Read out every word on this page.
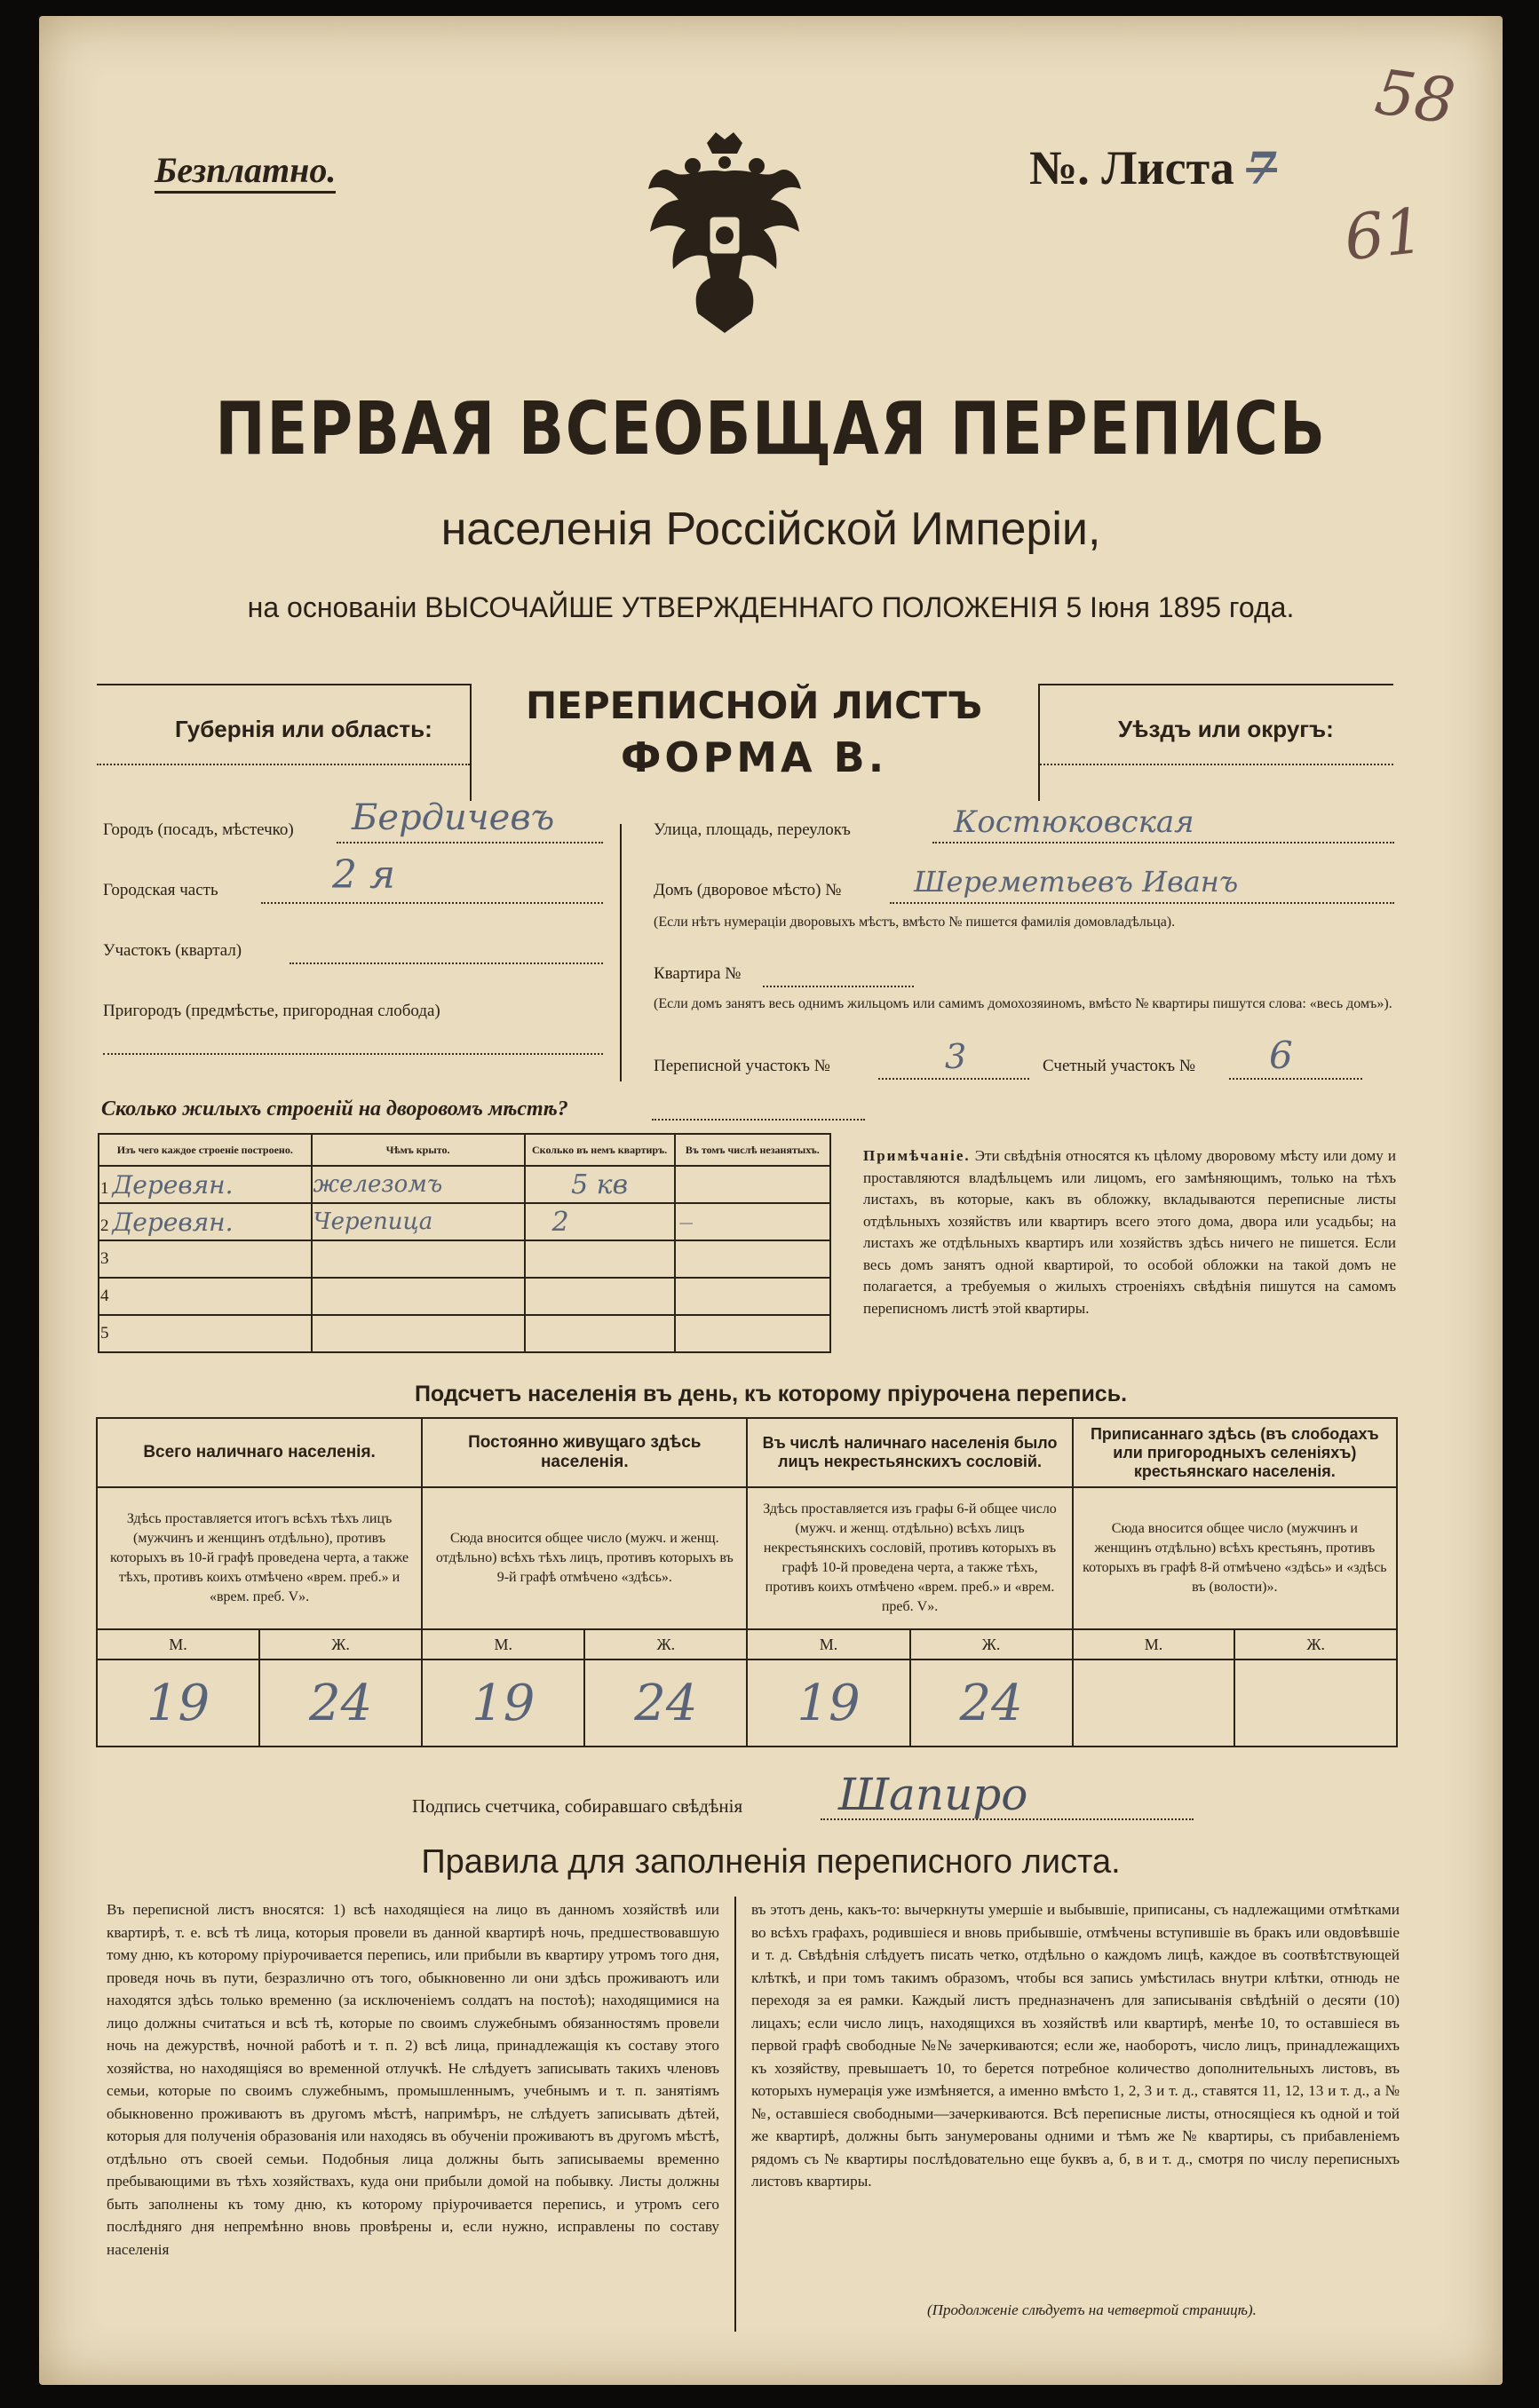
58
61
Безплатно.	№. Листа 7
ПЕРВАЯ ВСЕОБЩАЯ ПЕРЕПИСЬ
населенія Россійской Имперіи,
на основаніи ВЫСОЧАЙШЕ УТВЕРЖДЕННАГО ПОЛОЖЕНІЯ 5 Іюня 1895 года.
Губернія или область:
ПЕРЕПИСНОЙ ЛИСТЪ
ФОРМА В.
Уѣздъ или округъ:
Городъ (посадъ, мѣстечко) Бердичевъ
Городская часть	2 я
Участокъ (квартал)
Пригородъ (предмѣстье, пригородная слобода)
Улица, площадь, переулокъ	Костюковская
Домъ (дворовое мѣсто) №	Шереметьевъ Иванъ
(Если нѣтъ нумераціи дворовыхъ мѣстъ, вмѣсто № пишется фамилія домовладѣльца).
Квартира №
(Если домъ занятъ весь однимъ жильцомъ или самимъ домохозяиномъ, вмѣсто № квартиры пишутся слова: «весь домъ»).
Переписной участокъ №	3	Счетный участокъ № 6
Сколько жилыхъ строеній на дворовомъ мѣстѣ?
Изъ чего каждое строеніе построено.	Чѣмъ крыто.	Сколько въ немъ квартиръ.	Въ томъ числѣ незанятыхъ.
1 Деревян.	железомъ	5 кв	
2 Деревян.	Черепица	2	—
3			
4			
5			
Примѣчаніе. Эти свѣдѣнія относятся къ цѣлому дворовому мѣсту или дому и проставляются владѣльцемъ или лицомъ, его замѣняющимъ, только на тѣхъ листахъ, въ которые, какъ въ обложку, вкладываются переписные листы отдѣльныхъ хозяйствъ или квартиръ всего этого дома, двора или усадьбы; на листахъ же отдѣльныхъ квартиръ или хозяйствъ здѣсь ничего не пишется. Если весь домъ занятъ одной квартирой, то особой обложки на такой домъ не полагается, а требуемыя о жилыхъ строеніяхъ свѣдѣнія пишутся на самомъ переписномъ листѣ этой квартиры.
Подсчетъ населенія въ день, къ которому пріурочена перепись.
Всего наличнаго населенія.		Постоянно живущаго здѣсь населенія.		Въ числѣ наличнаго населенія было лицъ некрестьянскихъ сословій.		Приписаннаго здѣсь (въ слободахъ или пригородныхъ селеніяхъ) крестьянскаго населенія.	
Здѣсь проставляется итогъ всѣхъ тѣхъ лицъ (мужчинъ и женщинъ отдѣльно), противъ которыхъ въ 10-й графѣ проведена черта, а также тѣхъ, противъ коихъ отмѣчено «врем. преб.» и «врем. преб. V».		Сюда вносится общее число (мужч. и женщ. отдѣльно) всѣхъ тѣхъ лицъ, противъ которыхъ въ 9-й графѣ отмѣчено «здѣсь».		Здѣсь проставляется изъ графы 6-й общее число (мужч. и женщ. отдѣльно) всѣхъ лицъ некрестьянскихъ сословій, противъ которыхъ въ графѣ 10-й проведена черта, а также тѣхъ, противъ коихъ отмѣчено «врем. преб.» и «врем. преб. V».		Сюда вносится общее число (мужчинъ и женщинъ отдѣльно) всѣхъ крестьянъ, противъ которыхъ въ графѣ 8-й отмѣчено «здѣсь» и «здѣсь въ (волости)».	
М.	Ж.	М.	Ж.	М.	Ж.	М.	Ж.
19	24	19	24	19	24		
Подпись счетчика, собиравшаго свѣдѣнія Шапиро
Правила для заполненія переписного листа.
Въ переписной листъ вносятся: 1) всѣ находящіеся на лицо въ данномъ хозяйствѣ или квартирѣ, т. е. всѣ тѣ лица, которыя провели въ данной квартирѣ ночь, предшествовавшую тому дню, къ которому пріурочивается перепись, или прибыли въ квартиру утромъ того дня, проведя ночь въ пути, безразлично отъ того, обыкновенно ли они здѣсь проживаютъ или находятся здѣсь только временно (за исключеніемъ солдатъ на постоѣ); находящимися на лицо должны считаться и всѣ тѣ, которые по своимъ служебнымъ обязанностямъ провели ночь на дежурствѣ, ночной работѣ и т. п. 2) всѣ лица, принадлежащія къ составу этого хозяйства, но находящіяся во временной отлучкѣ. Не слѣдуетъ записывать такихъ членовъ семьи, которые по своимъ служебнымъ, промышленнымъ, учебнымъ и т. п. занятіямъ обыкновенно проживаютъ въ другомъ мѣстѣ, напримѣръ, не слѣдуетъ записывать дѣтей, которыя для полученія образованія или находясь въ обученіи проживаютъ въ другомъ мѣстѣ, отдѣльно отъ своей семьи. Подобныя лица должны быть записываемы временно пребывающими въ тѣхъ хозяйствахъ, куда они прибыли домой на побывку. Листы должны быть заполнены къ тому дню, къ которому пріурочивается перепись, и утромъ сего послѣдняго дня непремѣнно вновь провѣрены и, если нужно, исправлены по составу населенія
въ этотъ день, какъ-то: вычеркнуты умершіе и выбывшіе, приписаны, съ надлежащими отмѣтками во всѣхъ графахъ, родившіеся и вновь прибывшіе, отмѣчены вступившіе въ бракъ или овдовѣвшіе и т. д. Свѣдѣнія слѣдуетъ писать четко, отдѣльно о каждомъ лицѣ, каждое въ соотвѣтствующей клѣткѣ, и при томъ такимъ образомъ, чтобы вся запись умѣстилась внутри клѣтки, отнюдь не переходя за ея рамки. Каждый листъ предназначенъ для записыванія свѣдѣній о десяти (10) лицахъ; если число лицъ, находящихся въ хозяйствѣ или квартирѣ, менѣе 10, то оставшіеся въ первой графѣ свободные №№ зачеркиваются; если же, наоборотъ, число лицъ, принадлежащихъ къ хозяйству, превышаетъ 10, то берется потребное количество дополнительныхъ листовъ, въ которыхъ нумерація уже измѣняется, а именно вмѣсто 1, 2, 3 и т. д., ставятся 11, 12, 13 и т. д., а №№, оставшіеся свободными—зачеркиваются. Всѣ переписные листы, относящіеся къ одной и той же квартирѣ, должны быть занумерованы одними и тѣмъ же № квартиры, съ прибавленіемъ рядомъ съ № квартиры послѣдовательно еще буквъ а, б, в и т. д., смотря по числу переписныхъ листовъ квартиры.
(Продолженіе слѣдуетъ на четвертой страницѣ).
